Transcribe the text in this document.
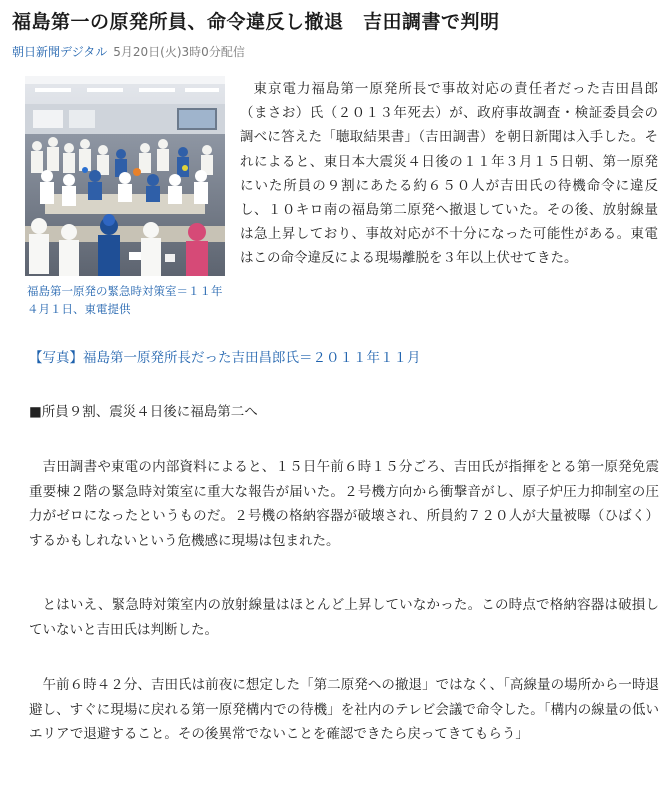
福島第一の原発所員、命令違反し撤退　吉田調書で判明
朝日新聞デジタル 5月20日(火)3時0分配信
福島第一原発の緊急時対策室＝１１年４月１日、東電提供

東京電力福島第一原発所長で事故対応の責任者だった吉田昌郎（まさお）氏（２０１３年死去）が、政府事故調査・検証委員会の調べに答えた「聴取結果書」（吉田調書）を朝日新聞は入手した。それによると、東日本大震災４日後の１１年３月１５日朝、第一原発にいた所員の９割にあたる約６５０人が吉田氏の待機命令に違反し、１０キロ南の福島第二原発へ撤退していた。その後、放射線量は急上昇しており、事故対応が不十分になった可能性がある。東電はこの命令違反による現場離脱を３年以上伏せてきた。

【写真】福島第一原発所長だった吉田昌郎氏＝２０１１年１１月
■所員９割、震災４日後に福島第二へ

吉田調書や東電の内部資料によると、１５日午前６時１５分ごろ、吉田氏が指揮をとる第一原発免震重要棟２階の緊急時対策室に重大な報告が届いた。２号機方向から衝撃音がし、原子炉圧力抑制室の圧力がゼロになったというものだ。２号機の格納容器が破壊され、所員約７２０人が大量被曝（ひばく）するかもしれないという危機感に現場は包まれた。

とはいえ、緊急時対策室内の放射線量はほとんど上昇していなかった。この時点で格納容器は破損していないと吉田氏は判断した。

午前６時４２分、吉田氏は前夜に想定した「第二原発への撤退」ではなく、「高線量の場所から一時退避し、すぐに現場に戻れる第一原発構内での待機」を社内のテレビ会議で命令した。「構内の線量の低いエリアで退避すること。その後異常でないことを確認できたら戻ってきてもらう」
